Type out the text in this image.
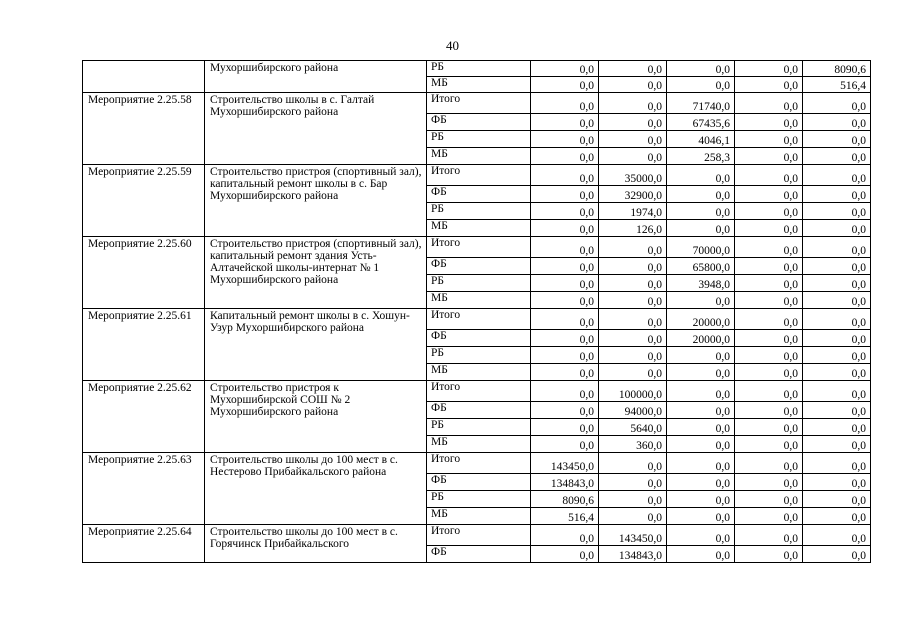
40
	Мухоршибирского района	РБ	0,0	0,0	0,0	0,0	8090,6
		МБ	0,0	0,0	0,0	0,0	516,4
Мероприятие 2.25.58	Строительство школы в с. Галтай Мухоршибирского района	Итого	0,0	0,0	71740,0	0,0	0,0
		ФБ	0,0	0,0	67435,6	0,0	0,0
		РБ	0,0	0,0	4046,1	0,0	0,0
		МБ	0,0	0,0	258,3	0,0	0,0
Мероприятие 2.25.59	Строительство пристроя (спортивный зал), капитальный ремонт школы в с. Бар Мухоршибирского района	Итого	0,0	35000,0	0,0	0,0	0,0
		ФБ	0,0	32900,0	0,0	0,0	0,0
		РБ	0,0	1974,0	0,0	0,0	0,0
		МБ	0,0	126,0	0,0	0,0	0,0
Мероприятие 2.25.60	Строительство пристроя (спортивный зал), капитальный ремонт здания Усть-Алтачейской школы-интернат № 1 Мухоршибирского района	Итого	0,0	0,0	70000,0	0,0	0,0
		ФБ	0,0	0,0	65800,0	0,0	0,0
		РБ	0,0	0,0	3948,0	0,0	0,0
		МБ	0,0	0,0	0,0	0,0	0,0
Мероприятие 2.25.61	Капитальный ремонт школы в с. Хошун-Узур Мухоршибирского района	Итого	0,0	0,0	20000,0	0,0	0,0
		ФБ	0,0	0,0	20000,0	0,0	0,0
		РБ	0,0	0,0	0,0	0,0	0,0
		МБ	0,0	0,0	0,0	0,0	0,0
Мероприятие 2.25.62	Строительство пристроя к Мухоршибирской СОШ № 2 Мухоршибирского района	Итого	0,0	100000,0	0,0	0,0	0,0
		ФБ	0,0	94000,0	0,0	0,0	0,0
		РБ	0,0	5640,0	0,0	0,0	0,0
		МБ	0,0	360,0	0,0	0,0	0,0
Мероприятие 2.25.63	Строительство школы до 100 мест в с. Нестерово Прибайкальского района	Итого	143450,0	0,0	0,0	0,0	0,0
		ФБ	134843,0	0,0	0,0	0,0	0,0
		РБ	8090,6	0,0	0,0	0,0	0,0
		МБ	516,4	0,0	0,0	0,0	0,0
Мероприятие 2.25.64	Строительство школы до 100 мест в с. Горячинск Прибайкальского	Итого	0,0	143450,0	0,0	0,0	0,0
		ФБ	0,0	134843,0	0,0	0,0	0,0
